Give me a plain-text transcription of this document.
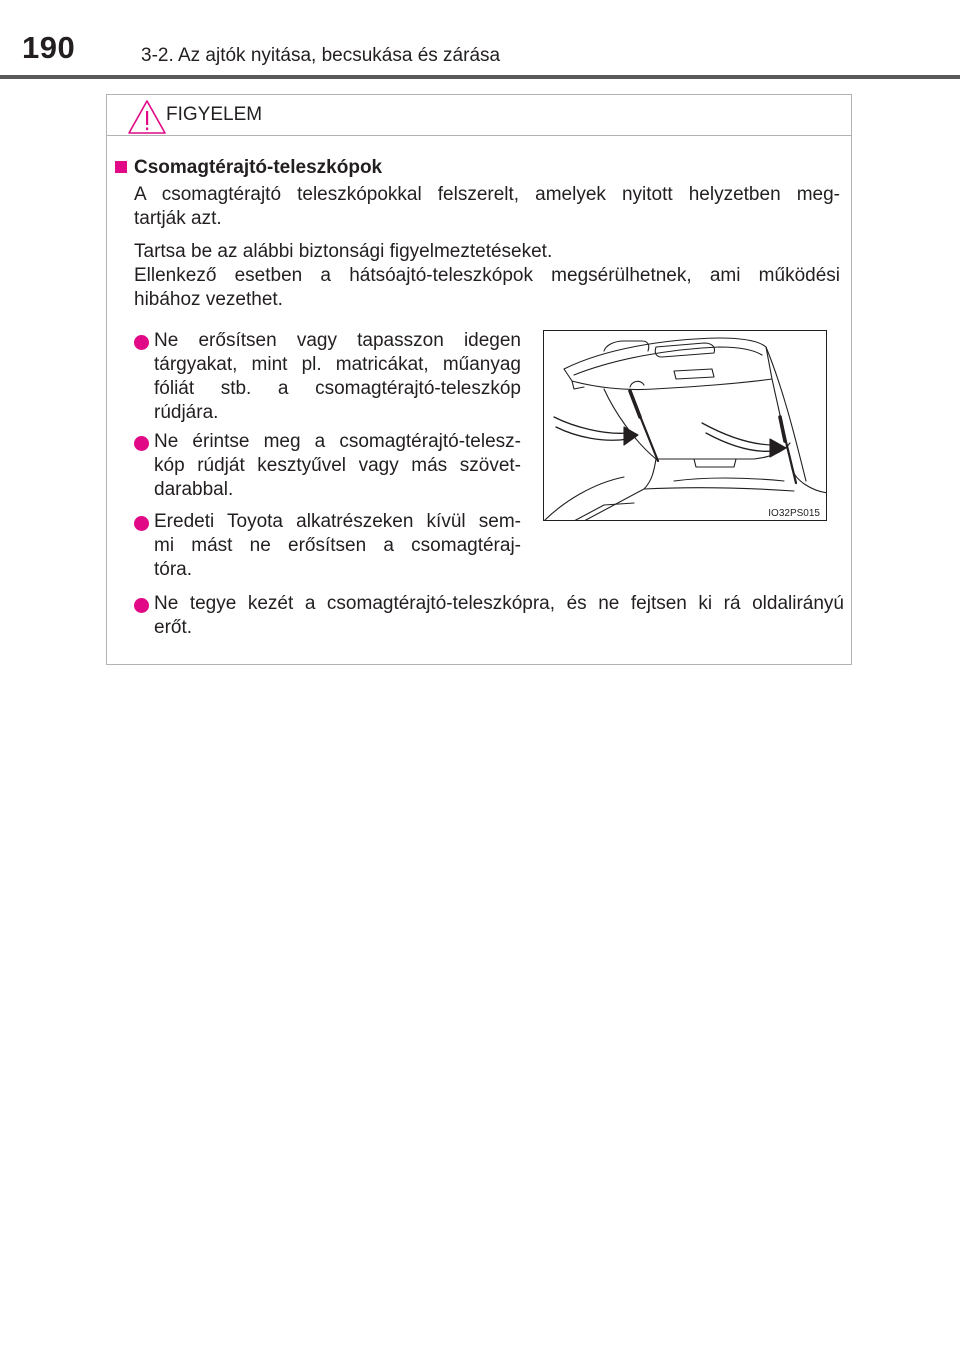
190	3-2. Az ajtók nyitása, becsukása és zárása
FIGYELEM
Csomagtérajtó-teleszkópok
A csomagtérajtó teleszkópokkal felszerelt, amelyek nyitott helyzetben meg-
tartják azt.
Tartsa be az alábbi biztonsági figyelmeztetéseket.
Ellenkező esetben a hátsóajtó-teleszkópok megsérülhetnek, ami működési
hibához vezethet.
Ne erősítsen vagy tapasszon idegen
tárgyakat, mint pl. matricákat, műanyag
fóliát stb. a csomagtérajtó-teleszkóp
rúdjára.
Ne érintse meg a csomagtérajtó-telesz-
kóp rúdját kesztyűvel vagy más szövet-
darabbal.
Eredeti Toyota alkatrészeken kívül sem-
mi mást ne erősítsen a csomagtéraj-
tóra.
Ne tegye kezét a csomagtérajtó-teleszkópra, és ne fejtsen ki rá oldalirányú
erőt.
IO32PS015
